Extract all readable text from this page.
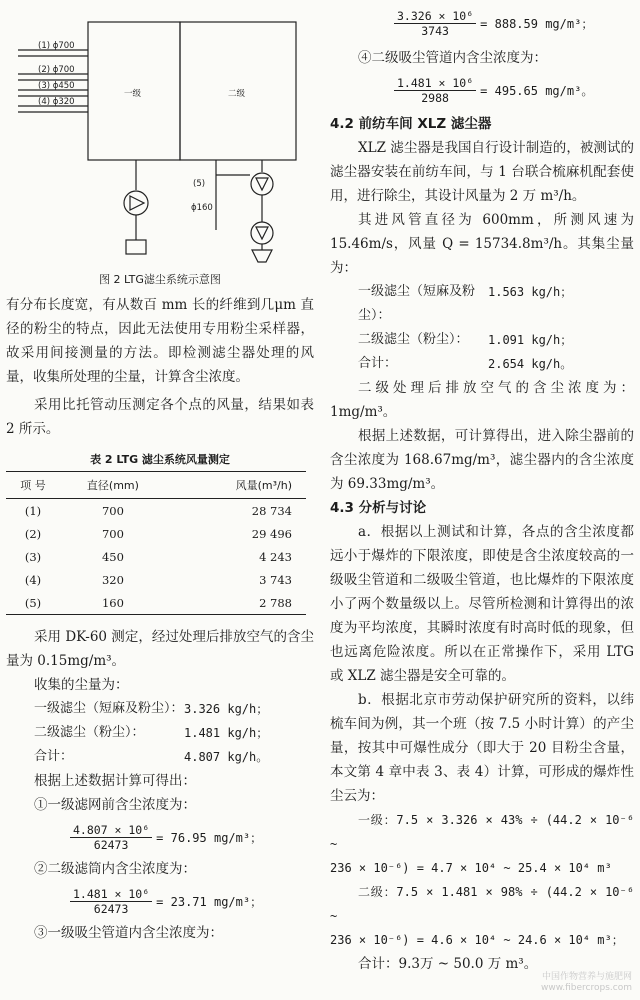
(1) ϕ700
(2) ϕ700
(3) ϕ450
(4) ϕ320
一级	二级
(5)
ϕ160
图 2 LTG滤尘系统示意图

有分布长度宽，有从数百 mm 长的纤维到几μm 直径的粉尘的特点，因此无法使用专用粉尘采样器，故采用间接测量的方法。即检测滤尘器处理的风量，收集所处理的尘量，计算含尘浓度。

采用比托管动压测定各个点的风量，结果如表 2 所示。

表 2 LTG 滤尘系统风量测定
项 号	直径(mm)	风量(m³/h)
(1)	700	28 734
(2)	700	29 496
(3)	450	4 243
(4)	320	3 743
(5)	160	2 788

采用 DK-60 测定，经过处理后排放空气的含尘量为 0.15mg/m³。

收集的尘量为：

一级滤尘（短麻及粉尘）： 3.326 kg/h；
二级滤尘（粉尘）：	1.481 kg/h；
合计：	4.807 kg/h。

根据上述数据计算可得出：

①一级滤网前含尘浓度为：

$\frac{\text{4.807 × 10⁶}}{62473} = 76.95$ mg/m³；

②二级滤筒内含尘浓度为：

$\frac{\text{1.481 × 10⁶}}{62473} = 23.71$ mg/m³；

③一级吸尘管道内含尘浓度为：

$\frac{\text{3.326 × 10⁶}}{3743} = 888.59$ mg/m³；

④二级吸尘管道内含尘浓度为：

$\frac{\text{1.481 × 10⁶}}{2988} = 495.65$ mg/m³。
4.2 前纺车间 XLZ 滤尘器

XLZ 滤尘器是我国自行设计制造的，被测试的滤尘器安装在前纺车间，与 1 台联合梳麻机配套使用，进行除尘，其设计风量为 2 万 m³/h。

其进风管直径为 600mm，所测风速为 15.46m/s，风量 Q = 15734.8m³/h。其集尘量为：

一级滤尘（短麻及粉尘）：
1.563 kg/h；
二级滤尘（粉尘）：	1.091 kg/h；
合计：	2.654 kg/h。

二级处理后排放空气的含尘浓度为：1mg/m³。

根据上述数据，可计算得出，进入除尘器前的含尘浓度为 168.67mg/m³，滤尘器内的含尘浓度为 69.33mg/m³。

4.3 分析与讨论

a．根据以上测试和计算，各点的含尘浓度都远小于爆炸的下限浓度，即使是含尘浓度较高的一级吸尘管道和二级吸尘管道，也比爆炸的下限浓度小了两个数量级以上。尽管所检测和计算得出的浓度为平均浓度，其瞬时浓度有时高时低的现象，但也远离危险浓度。所以在正常操作下，采用 LTG 或 XLZ 滤尘器是安全可靠的。

b．根据北京市劳动保护研究所的资料，以纬梳车间为例，其一个班（按 7.5 小时计算）的产尘量，按其中可爆性成分（即大于 20 目粉尘含量，本文第 4 章中表 3、表 4）计算，可形成的爆炸性尘云为：

一级：7.5 × 3.326 × 43% ÷ (44.2 × 10⁻⁶ ~

236 × 10⁻⁶) = 4.7 × 10⁴ ~ 25.4 × 10⁴ m³

二级：7.5 × 1.481 × 98% ÷ (44.2 × 10⁻⁶ ~

236 × 10⁻⁶) = 4.6 × 10⁴ ~ 24.6 × 10⁴ m³；

合计：9.3万 ~ 50.0 万 m³。

中国作物营养与施肥网
www.fibercrops.com
